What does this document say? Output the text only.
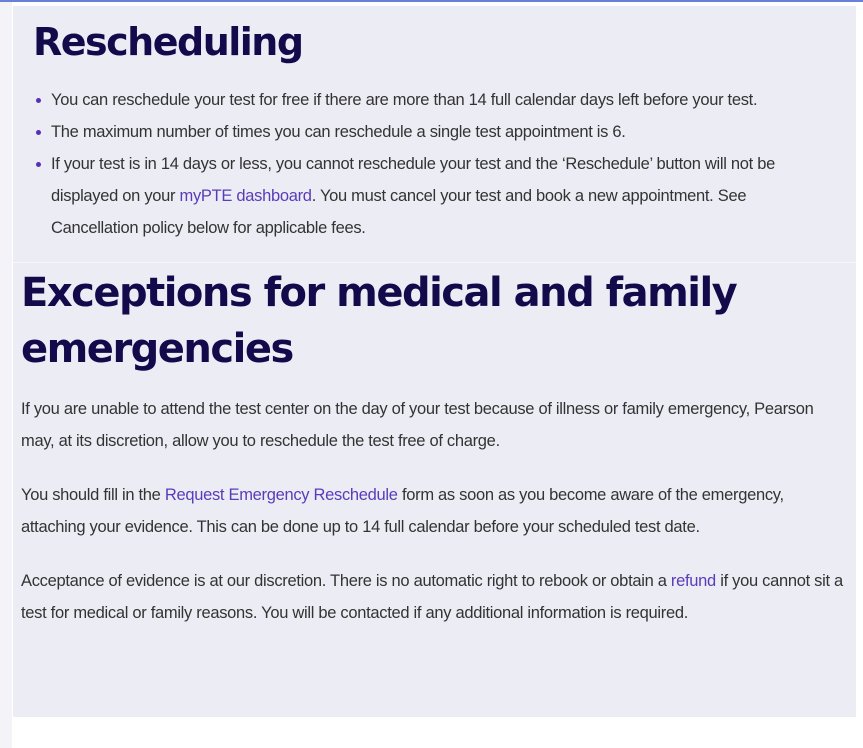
Rescheduling
You can reschedule your test for free if there are more than 14 full calendar days left before your test.
The maximum number of times you can reschedule a single test appointment is 6.
If your test is in 14 days or less, you cannot reschedule your test and the ‘Reschedule’ button will not be displayed on your myPTE dashboard. You must cancel your test and book a new appointment. See Cancellation policy below for applicable fees.
Exceptions for medical and family emergencies

If you are unable to attend the test center on the day of your test because of illness or family emergency, Pearson may, at its discretion, allow you to reschedule the test free of charge.

You should fill in the Request Emergency Reschedule form as soon as you become aware of the emergency, attaching your evidence. This can be done up to 14 full calendar before your scheduled test date.

Acceptance of evidence is at our discretion. There is no automatic right to rebook or obtain a refund if you cannot sit a test for medical or family reasons. You will be contacted if any additional information is required.
